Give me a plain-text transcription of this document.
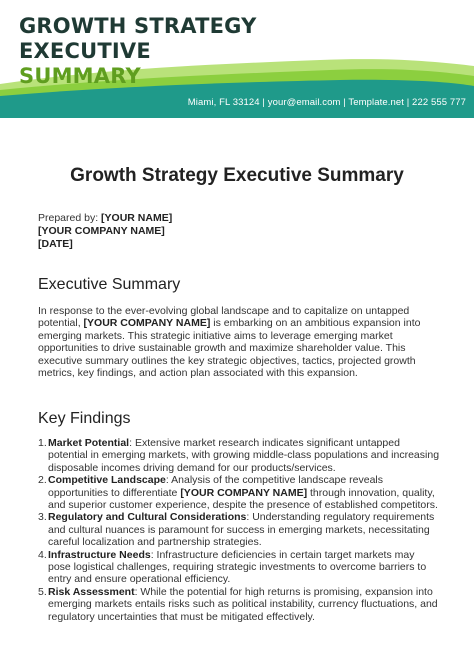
GROWTH STRATEGY
EXECUTIVE
SUMMARY
Miami, FL 33124 | your@email.com | Template.net | 222 555 777
Growth Strategy Executive Summary
Prepared by: [YOUR NAME]
[YOUR COMPANY NAME]
[DATE]
Executive Summary

In response to the ever-evolving global landscape and to capitalize on untapped potential, [YOUR COMPANY NAME] is embarking on an ambitious expansion into emerging markets. This strategic initiative aims to leverage emerging market opportunities to drive sustainable growth and maximize shareholder value. This executive summary outlines the key strategic objectives, tactics, projected growth metrics, key findings, and action plan associated with this expansion.

Key Findings
1. Market Potential: Extensive market research indicates significant untapped potential in emerging markets, with growing middle-class populations and increasing disposable incomes driving demand for our products/services.
2. Competitive Landscape: Analysis of the competitive landscape reveals opportunities to differentiate [YOUR COMPANY NAME] through innovation, quality, and superior customer experience, despite the presence of established competitors.
3. Regulatory and Cultural Considerations: Understanding regulatory requirements and cultural nuances is paramount for success in emerging markets, necessitating careful localization and partnership strategies.
4. Infrastructure Needs: Infrastructure deficiencies in certain target markets may pose logistical challenges, requiring strategic investments to overcome barriers to entry and ensure operational efficiency.
5. Risk Assessment: While the potential for high returns is promising, expansion into emerging markets entails risks such as political instability, currency fluctuations, and regulatory uncertainties that must be mitigated effectively.
